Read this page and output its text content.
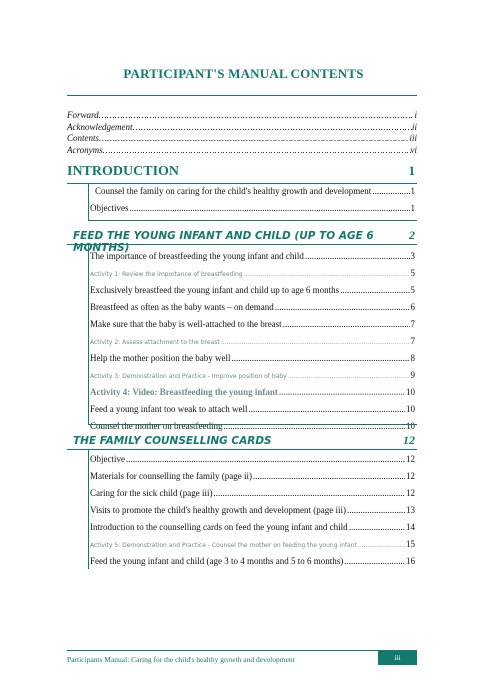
PARTICIPANT'S MANUAL CONTENTS
Forward ………………………………………………………………………………………………………………………………………………	i
Acknowledgement ………………………………………………………………………………………………………………………………………………	ii
Contents ………………………………………………………………………………………………………………………………………………	iii
Acronyms ………………………………………………………………………………………………………………………………………………	vi
INTRODUCTION	1
Counsel the family on caring for the child's healthy growth and development .....	1
Objectives .....	1
FEED THE YOUNG INFANT AND CHILD (UP TO AGE 6 MONTHS)
2
The importance of breastfeeding the young infant and child .....	3
Activity 1: Review the importance of breastfeeding .....	5
Exclusively breastfeed the young infant and child up to age 6 months .....	5
Breastfeed as often as the baby wants – on demand .....	6
Make sure that the baby is well-attached to the breast .....	7
Activity 2: Assess attachment to the breast .....	7
Help the mother position the baby well .....	8
Activity 3: Demonstration and Practice - Improve position of baby .....	9
Activity 4: Video: Breastfeeding the young infant .....	10
Feed a young infant too weak to attach well .....	10
Counsel the mother on breastfeeding .....	10
THE FAMILY COUNSELLING CARDS	12
Objective .....	12
Materials for counselling the family (page ii) .....	12
Caring for the sick child (page iii) .....	12
Visits to promote the child's healthy growth and development (page iii) .....	13
Introduction to the counselling cards on feed the young infant and child .....	14
Activity 5: Demonstration and Practice - Counsel the mother on feeding the young infant .....	15
Feed the young infant and child (age 3 to 4 months and 5 to 6 months) .....	16
Participants Manual: Caring for the child's healthy growth and development	iii
